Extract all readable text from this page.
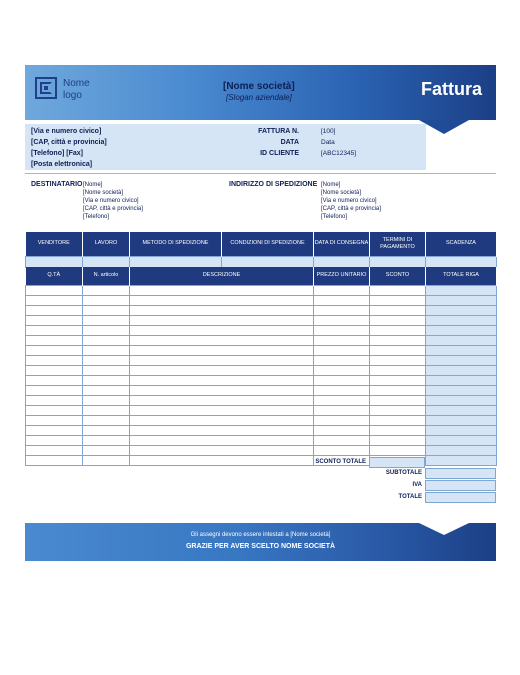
Nome
logo
[Nome società]
[Slogan aziendale]	Fattura
[Via e numero civico]
[CAP, città e provincia]
[Telefono] [Fax]
[Posta elettronica]
FATTURA N.	[100]
DATA	Data
ID CLIENTE	[ABC12345]
DESTINATARIO [Nome]
[Nome società]
[Via e numero civico]
[CAP, città e provincia]
[Telefono]
INDIRIZZO DI SPEDIZIONE [Nome]
[Nome società]
[Via e numero civico]
[CAP, città e provincia]
[Telefono]
VENDITORE	LAVORO	METODO DI SPEDIZIONE	CONDIZIONI DI SPEDIZIONE	DATA DI CONSEGNA	TERMINI DI PAGAMENTO	SCADENZA

Q.TÀ	N. articolo	DESCRIZIONE	PREZZO UNITARIO	SCONTO	TOTALE RIGA

SCONTO TOTALE
SUBTOTALE
IVA
TOTALE
Gli assegni devono essere intestati a [Nome società]
GRAZIE PER AVER SCELTO NOME SOCIETÀ
